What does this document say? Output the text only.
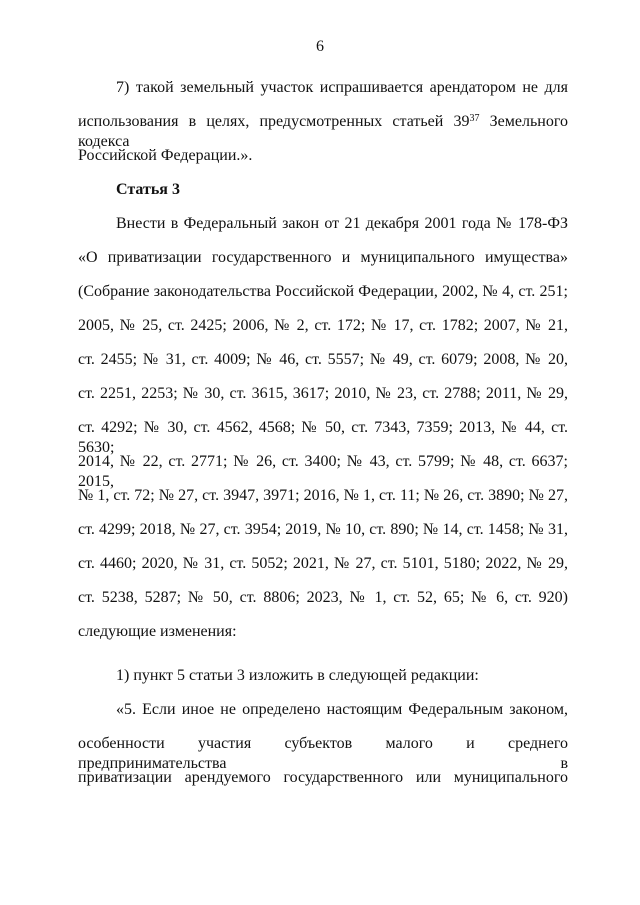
6
7) такой земельный участок испрашивается арендатором не для
использования в целях, предусмотренных статьей $39^{37}$ Земельного кодекса
Российской Федерации.».
Статья 3
Внести в Федеральный закон от 21 декабря 2001 года № 178-ФЗ
«О приватизации государственного и муниципального имущества»
(Собрание законодательства Российской Федерации, 2002, № 4, ст. 251;
2005, № 25, ст. 2425; 2006, № 2, ст. 172; № 17, ст. 1782; 2007, № 21,
ст. 2455; № 31, ст. 4009; № 46, ст. 5557; № 49, ст. 6079; 2008, № 20,
ст. 2251, 2253; № 30, ст. 3615, 3617; 2010, № 23, ст. 2788; 2011, № 29,
ст. 4292; № 30, ст. 4562, 4568; № 50, ст. 7343, 7359; 2013, № 44, ст. 5630;
2014, № 22, ст. 2771; № 26, ст. 3400; № 43, ст. 5799; № 48, ст. 6637; 2015,
№ 1, ст. 72; № 27, ст. 3947, 3971; 2016, № 1, ст. 11; № 26, ст. 3890; № 27,
ст. 4299; 2018, № 27, ст. 3954; 2019, № 10, ст. 890; № 14, ст. 1458; № 31,
ст. 4460; 2020, № 31, ст. 5052; 2021, № 27, ст. 5101, 5180; 2022, № 29,
ст. 5238, 5287; № 50, ст. 8806; 2023, № 1, ст. 52, 65; № 6, ст. 920)
следующие изменения:
1) пункт 5 статьи 3 изложить в следующей редакции:
«5. Если иное не определено настоящим Федеральным законом,
особенности участия субъектов малого и среднего предпринимательства в
приватизации арендуемого государственного или муниципального
